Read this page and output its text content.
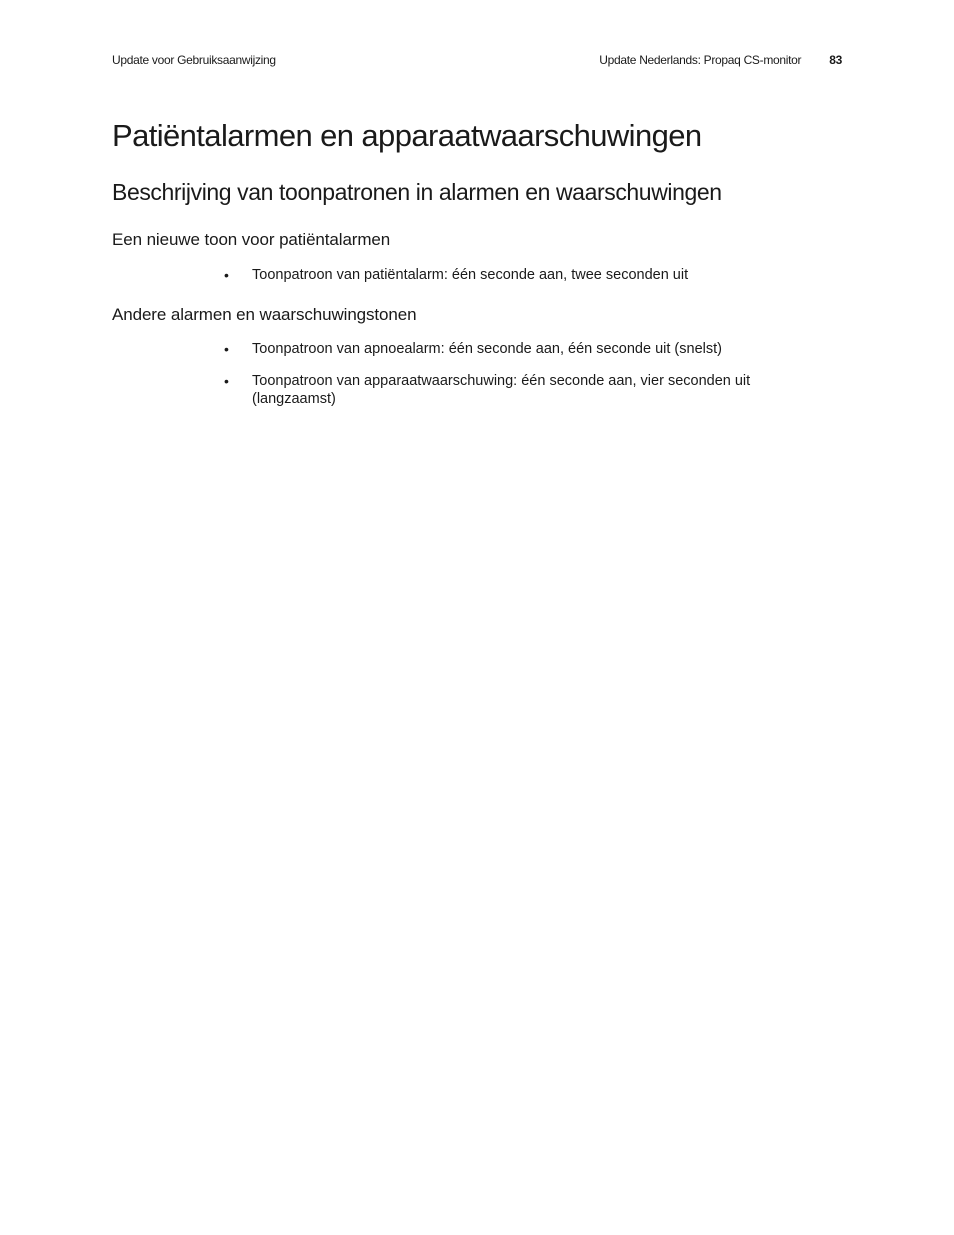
Update voor Gebruiksaanwijzing	Update Nederlands: Propaq CS-monitor 83
Patiëntalarmen en apparaatwaarschuwingen
Beschrijving van toonpatronen in alarmen en waarschuwingen
Een nieuwe toon voor patiëntalarmen
•	Toonpatroon van patiëntalarm: één seconde aan, twee seconden uit
Andere alarmen en waarschuwingstonen
•	Toonpatroon van apnoealarm: één seconde aan, één seconde uit (snelst)
•	Toonpatroon van apparaatwaarschuwing: één seconde aan, vier seconden uit (langzaamst)
